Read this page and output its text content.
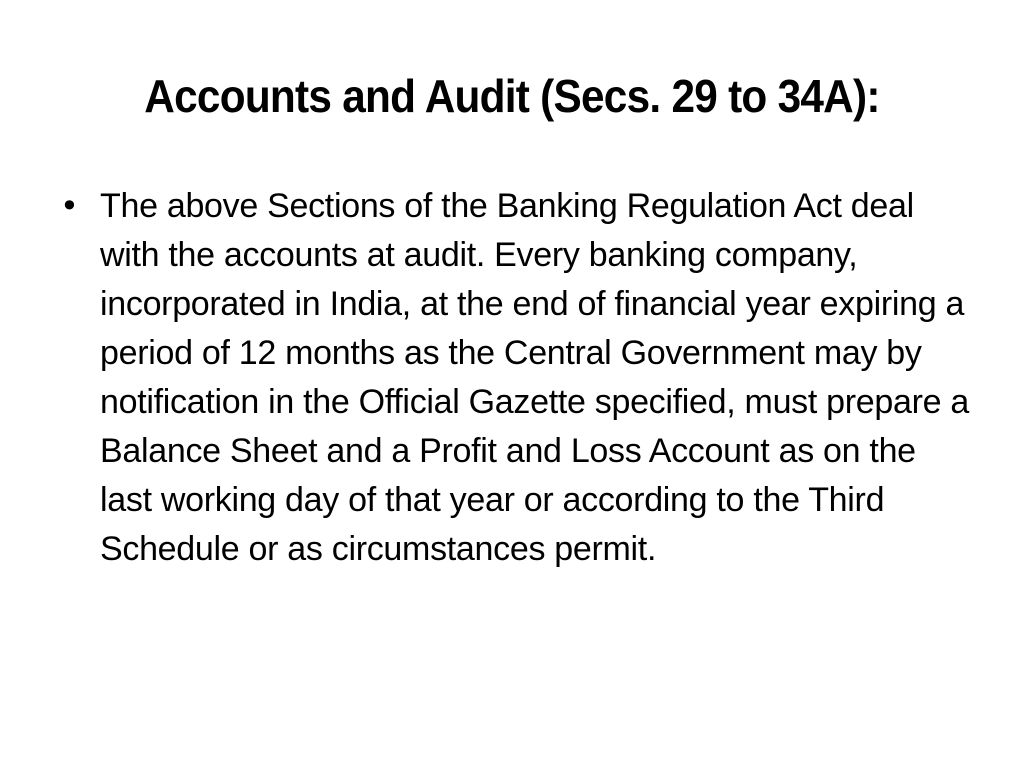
Accounts and Audit (Secs. 29 to 34A):
• The above Sections of the Banking Regulation Act deal with the accounts at audit. Every banking company, incorporated in India, at the end of financial year expiring a period of 12 months as the Central Government may by notification in the Official Gazette specified, must prepare a Balance Sheet and a Profit and Loss Account as on the last working day of that year or according to the Third Schedule or as circumstances permit.
